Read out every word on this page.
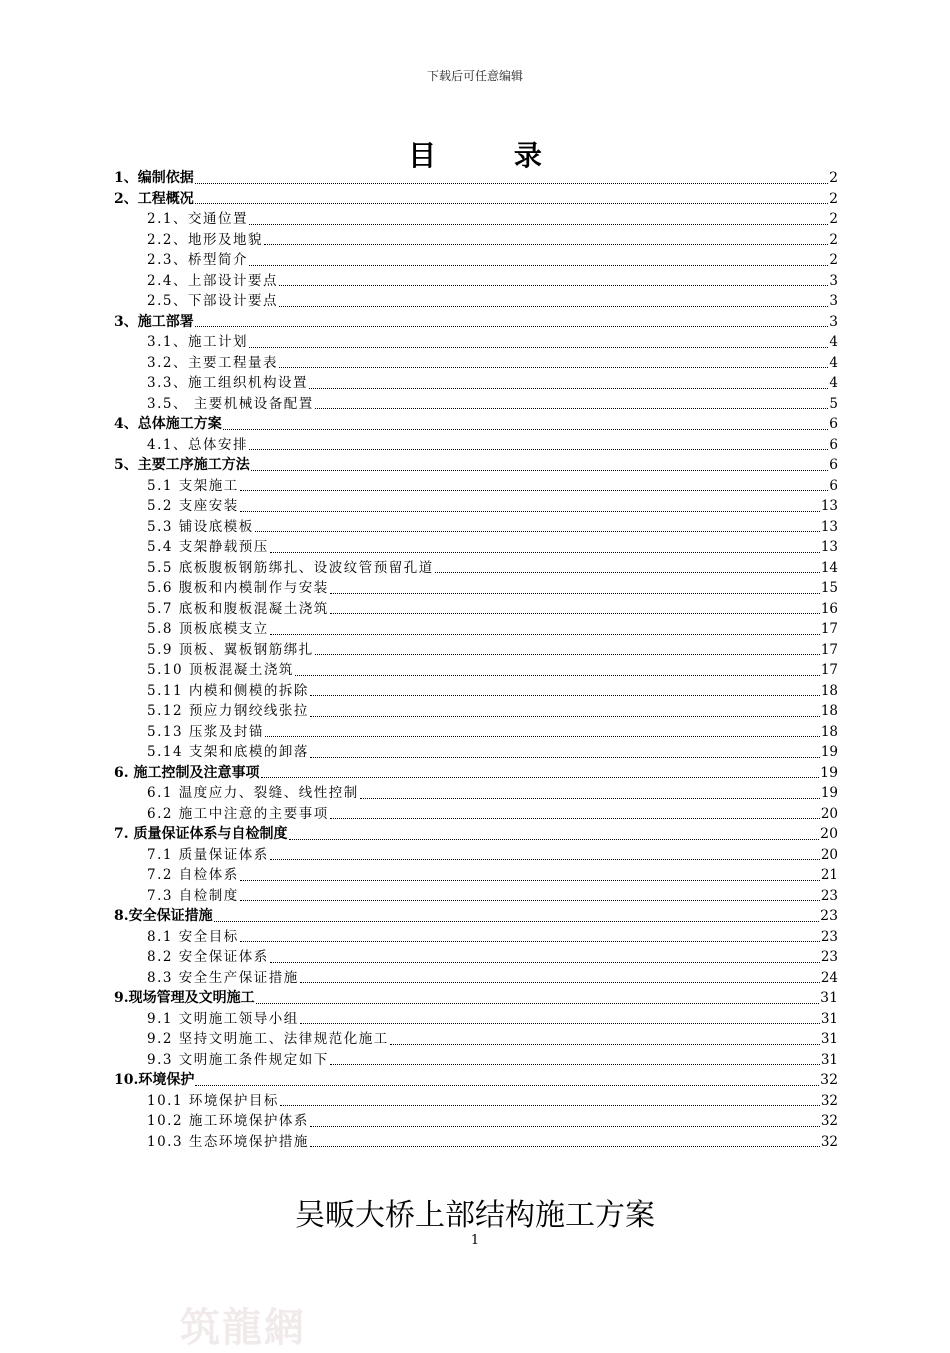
下载后可任意编辑
目 录
1、编制依据	2
2、工程概况	2
2.1、交通位置	2
2.2、地形及地貌	2
2.3、桥型简介	2
2.4、上部设计要点	3
2.5、下部设计要点	3
3、施工部署	3
3.1、施工计划	4
3.2、主要工程量表	4
3.3、施工组织机构设置	4
3.5、 主要机械设备配置	5
4、总体施工方案	6
4.1、总体安排	6
5、主要工序施工方法	6
5.1 支架施工	6
5.2 支座安装	13
5.3 铺设底模板	13
5.4 支架静载预压	13
5.5 底板腹板钢筋绑扎、设波纹管预留孔道	14
5.6 腹板和内模制作与安装	15
5.7 底板和腹板混凝土浇筑	16
5.8 顶板底模支立	17
5.9 顶板、翼板钢筋绑扎	17
5.10 顶板混凝土浇筑	17
5.11 内模和侧模的拆除	18
5.12 预应力钢绞线张拉	18
5.13 压浆及封锚	18
5.14 支架和底模的卸落	19
6. 施工控制及注意事项	19
6.1 温度应力、裂缝、线性控制	19
6.2 施工中注意的主要事项	20
7. 质量保证体系与自检制度	20
7.1 质量保证体系	20
7.2 自检体系	21
7.3 自检制度	23
8.安全保证措施	23
8.1 安全目标	23
8.2 安全保证体系	23
8.3 安全生产保证措施	24
9.现场管理及文明施工	31
9.1 文明施工领导小组	31
9.2 坚持文明施工、法律规范化施工	31
9.3 文明施工条件规定如下	31
10.环境保护	32
10.1 环境保护目标	32
10.2 施工环境保护体系	32
10.3 生态环境保护措施	32
吴畈大桥上部结构施工方案
1
筑龍網
